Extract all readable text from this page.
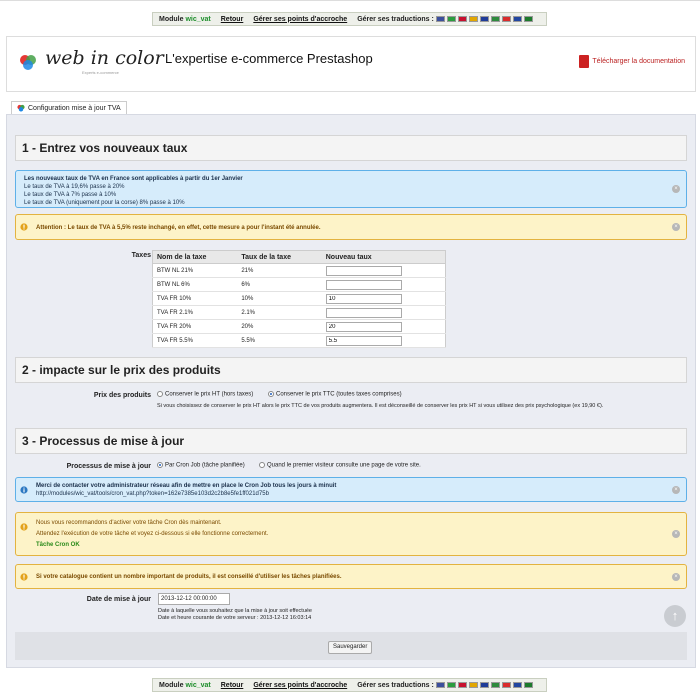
Module
wic_vat Retour Gérer ses points d'accroche Gérer ses traductions :
web in color
Experts e-commerce
L'expertise e-commerce Prestashop	Télécharger la documentation
Configuration mise à jour TVA
1 - Entrez vos nouveaux taux
Les nouveaux taux de TVA en France sont applicables à partir du 1er Janvier
Le taux de TVA à 19,6% passe à 20%
Le taux de TVA à 7% passe à 10%
Le taux de TVA (uniquement pour la corse) 8% passe à 10%
×
Attention : Le taux de TVA à 5,5% reste inchangé, en effet, cette mesure a pour l'instant été annulée.	×
Taxes Nom de la taxe	Taux de la taxe	Nouveau taux
BTW NL 21%	21%	
BTW NL 6%	6%	
TVA FR 10%	10%	10
TVA FR 2.1%	2.1%	
TVA FR 20%	20%	20
TVA FR 5.5%	5.5%	5.5
2 - impacte sur le prix des produits
Prix des produits	Conserver le prix HT (hors taxes)	Conserver le prix TTC (toutes taxes comprises)
Si vous choisissez de conserver le prix HT alors le prix TTC de vos produits augmentera. Il est déconseillé de conserver les prix HT si vous utilisez des prix psychologique (ex 19,90 €).
3 - Processus de mise à jour
Processus de mise à jour	Par Cron Job (tâche planifiée)	Quand le premier visiteur consulte une page de votre site.
Merci de contacter votre administrateur réseau afin de mettre en place le Cron Job tous les jours à minuit
http://modules/wic_vat/tools/cron_vat.php?token=162e7385e103d2c2b8e5fe1ff021d75b
×
Nous vous recommandons d'activer votre tâche Cron dès maintenant.
Attendez l'exécution de votre tâche et voyez ci-dessous si elle fonctionne correctement.
Tâche Cron OK
×
Si votre catalogue contient un nombre important de produits, il est conseillé d'utiliser les tâches planifiées.	×
Date de mise à jour	2013-12-12 00:00:00
Date à laquelle vous souhaitez que la mise à jour soit effectuée
Date et heure courante de votre serveur : 2013-12-12 16:03:14	↑
Sauvegarder
Module
wic_vat Retour Gérer ses points d'accroche Gérer ses traductions :
